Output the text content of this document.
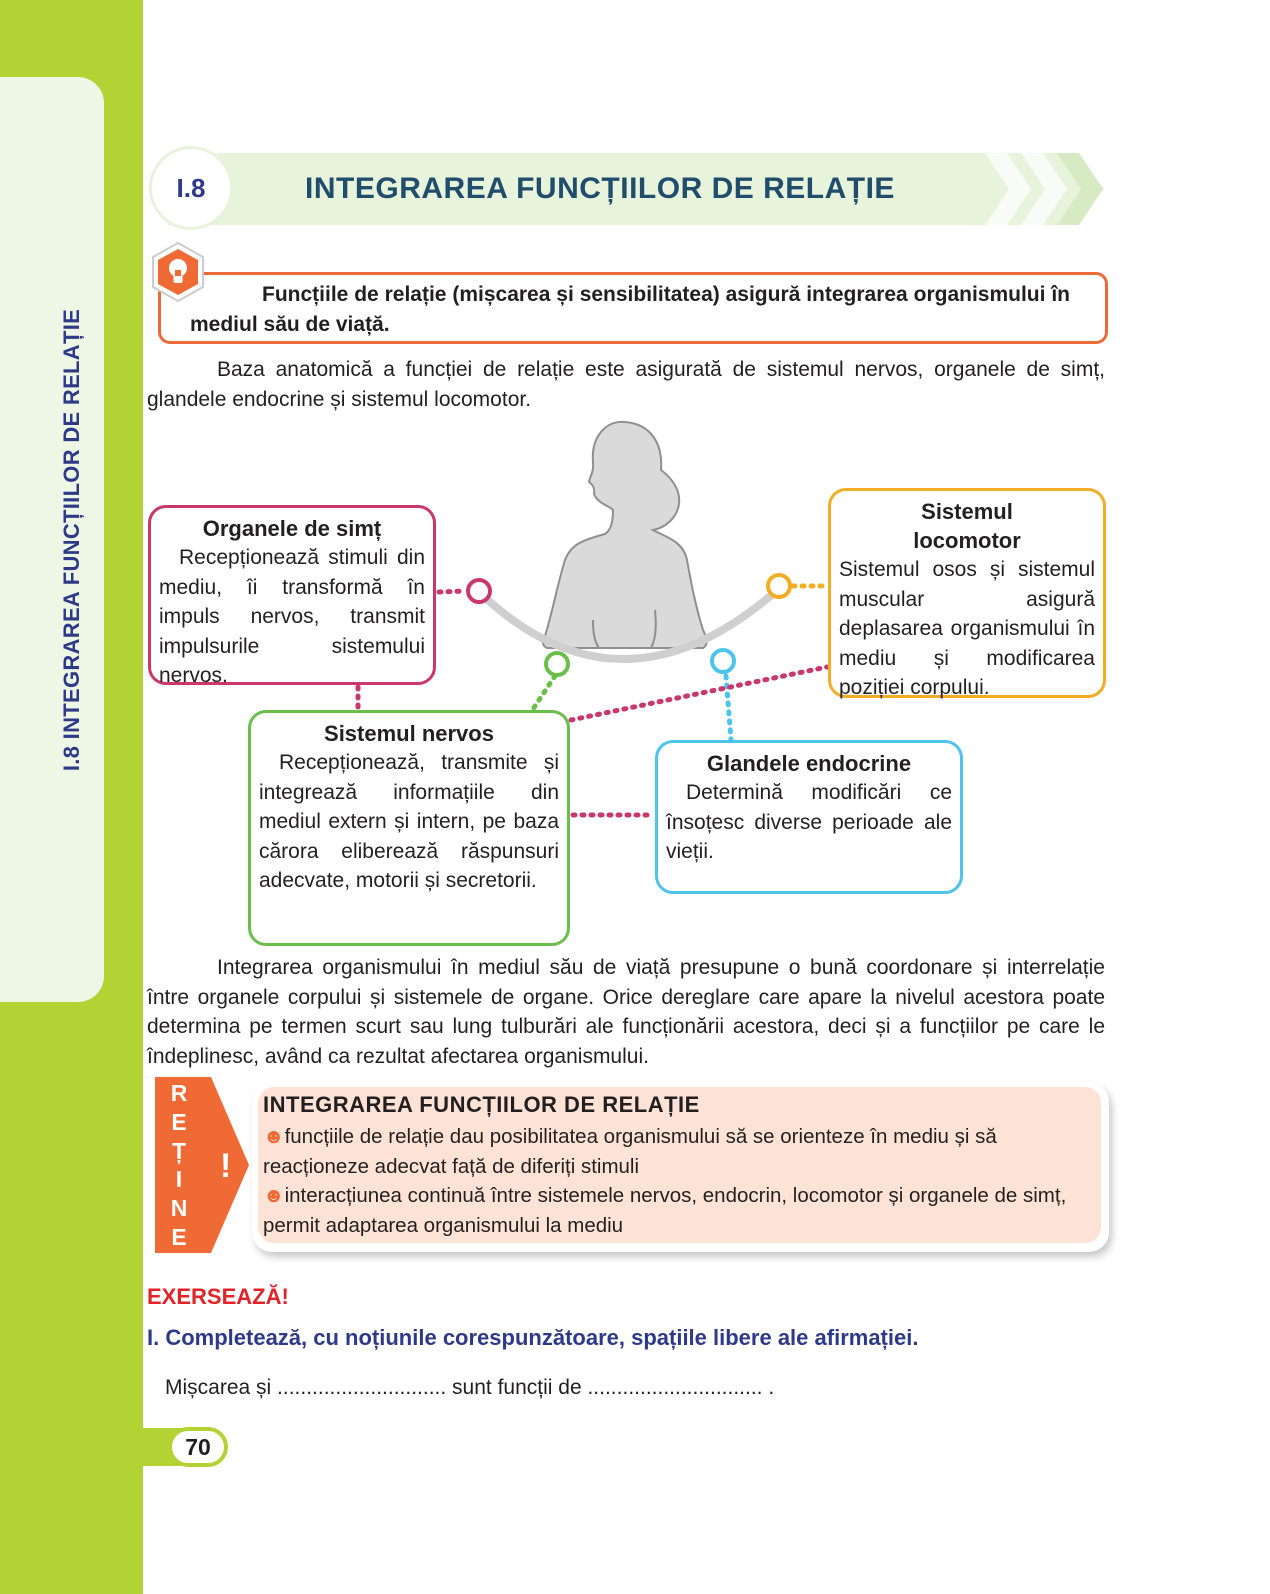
I.8 INTEGRAREA FUNCȚIILOR DE RELAȚIE
I.8	INTEGRAREA FUNCȚIILOR DE RELAȚIE
Funcțiile de relație (mișcarea și sensibilitatea) asigură integrarea organismului în mediul său de viață.
Baza anatomică a funcției de relație este asigurată de sistemul nervos, organele de simț, glandele endocrine și sistemul locomotor.
Organele de simț

Recepționează stimuli din mediu, îi transformă în impuls nervos, transmit impulsurile sistemului nervos.

Sistemul locomotor

Sistemul osos și sistemul muscular asigură deplasarea organismului în mediu și modificarea poziției corpului.

Sistemul nervos

Recepționează, transmite și integrează informațiile din mediul extern și intern, pe baza cărora eliberează răspunsuri adecvate, motorii și secretorii.

Glandele endocrine

Determină modificări ce însoțesc diverse perioade ale vieții.

Integrarea organismului în mediul său de viață presupune o bună coordonare și interrelație între organele corpului și sistemele de organe. Orice dereglare care apare la nivelul acestora poate determina pe termen scurt sau lung tulburări ale funcționării acestora, deci și a funcțiilor pe care le îndeplinesc, având ca rezultat afectarea organismului.
R
E
Ț
I
N
E
!
INTEGRAREA FUNCȚIILOR DE RELAȚIE
☻funcțiile de relație dau posibilitatea organismului să se orienteze în mediu și să reacționeze adecvat față de diferiți stimuli
☻interacțiunea continuă între sistemele nervos, endocrin, locomotor și organele de simț, permit adaptarea organismului la mediu
EXERSEAZĂ!
I. Completează, cu noțiunile corespunzătoare, spațiile libere ale afirmației.
Mișcarea și ............................. sunt funcții de .............................. .
70
